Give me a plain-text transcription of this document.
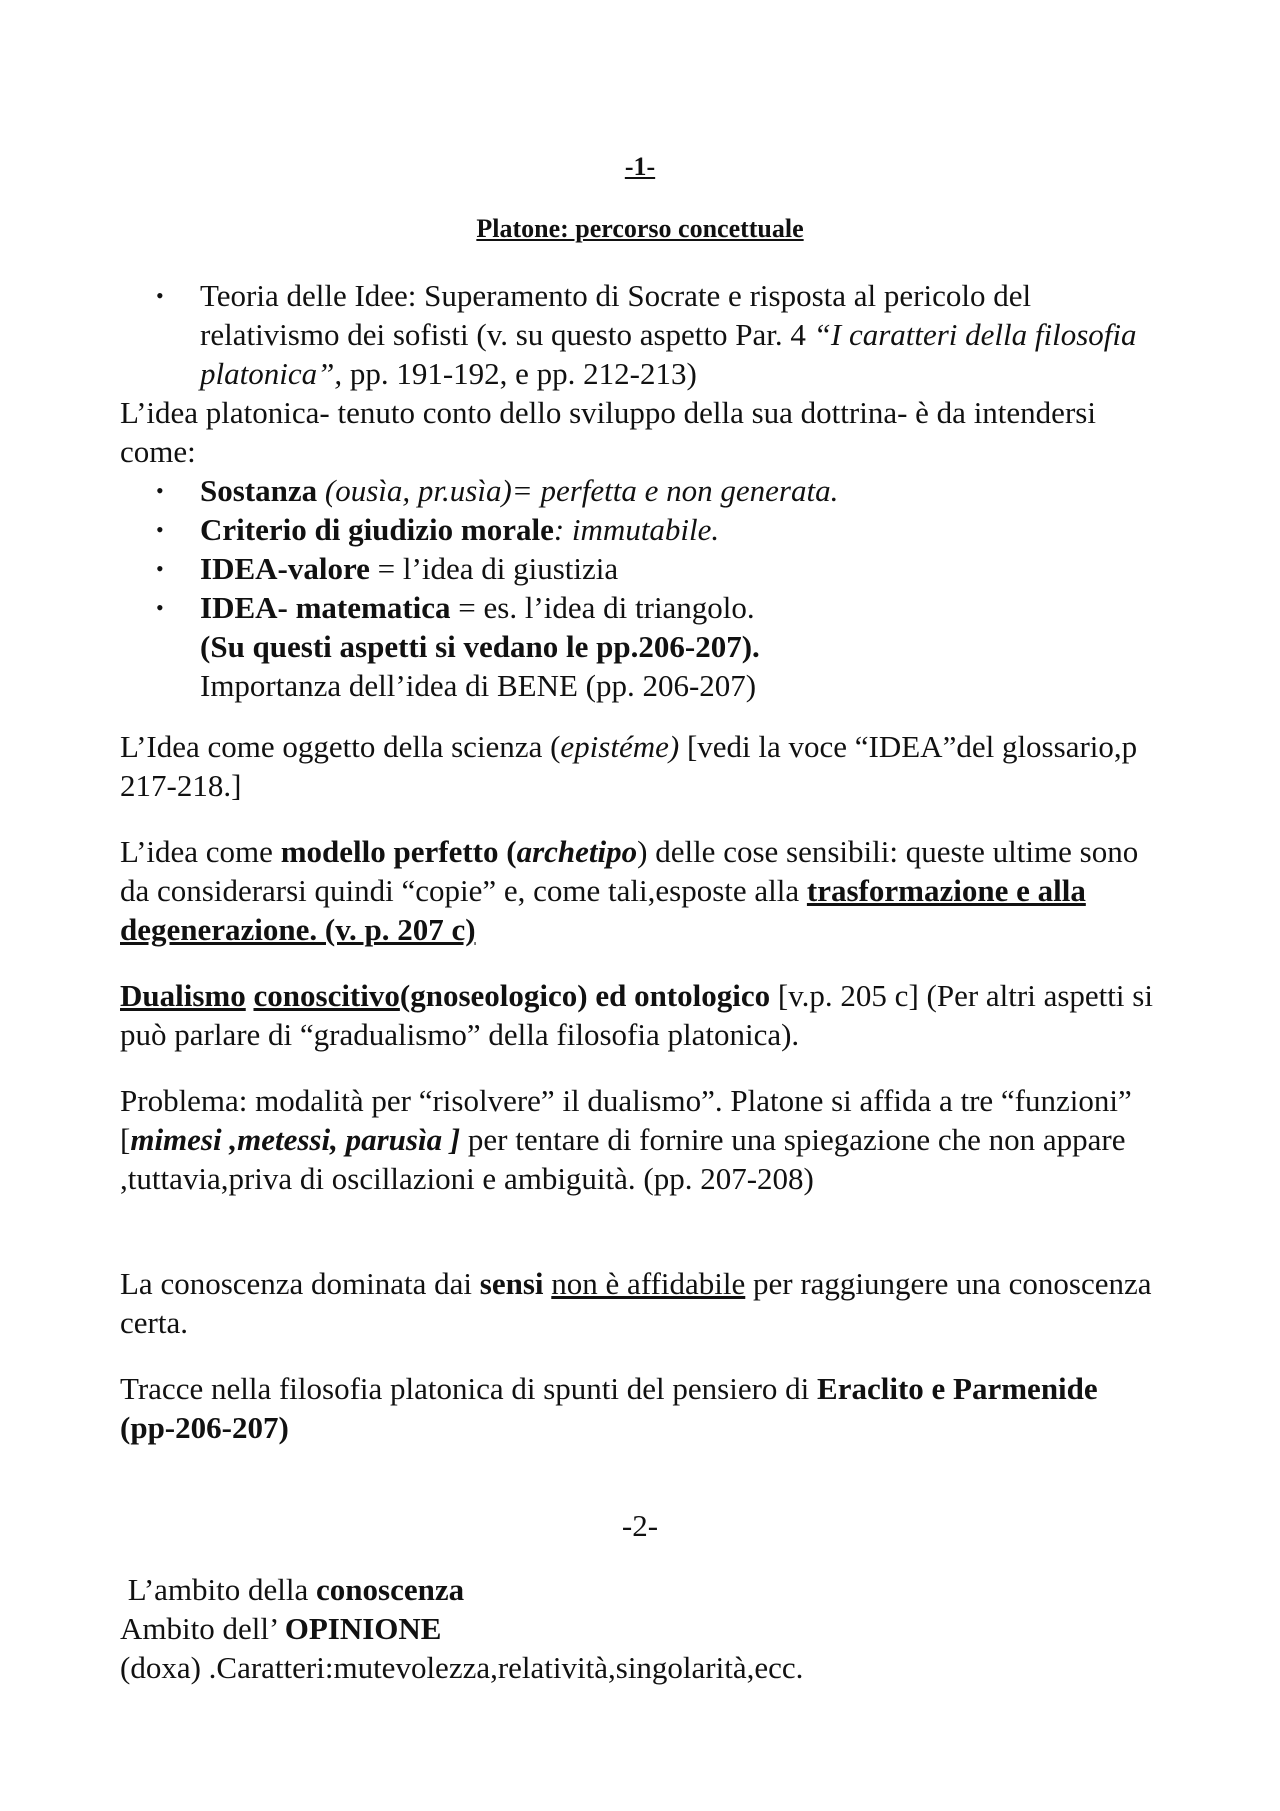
-1-

Platone: percorso concettuale

• Teoria delle Idee: Superamento di Socrate e risposta al pericolo del relativismo dei sofisti (v. su questo aspetto Par. 4 “I caratteri della filosofia platonica”, pp. 191-192, e pp. 212-213)

L’idea platonica- tenuto conto dello sviluppo della sua dottrina- è da intendersi come:

• Sostanza (ousìa, pr.usìa)= perfetta e non generata.
• Criterio di giudizio morale: immutabile.
• IDEA-valore = l’idea di giustizia
• IDEA- matematica = es. l’idea di triangolo.
(Su questi aspetti si vedano le pp.206-207).
Importanza dell’idea di BENE (pp. 206-207)

L’Idea come oggetto della scienza (epistéme) [vedi la voce “IDEA”del glossario,p 217-218.]

L’idea come modello perfetto (archetipo) delle cose sensibili: queste ultime sono da considerarsi quindi “copie” e, come tali,esposte alla trasformazione e alla degenerazione. (v. p. 207 c)

Dualismo conoscitivo(gnoseologico) ed ontologico [v.p. 205 c] (Per altri aspetti si può parlare di “gradualismo” della filosofia platonica).

Problema: modalità per “risolvere” il dualismo”. Platone si affida a tre “funzioni” [mimesi ,metessi, parusìa ] per tentare di fornire una spiegazione che non appare ,tuttavia,priva di oscillazioni e ambiguità. (pp. 207-208)

La conoscenza dominata dai sensi non è affidabile per raggiungere una conoscenza certa.

Tracce nella filosofia platonica di spunti del pensiero di Eraclito e Parmenide (pp-206-207)

-2-

L’ambito della conoscenza

Ambito dell’ OPINIONE

(doxa) .Caratteri:mutevolezza,relatività,singolarità,ecc.
